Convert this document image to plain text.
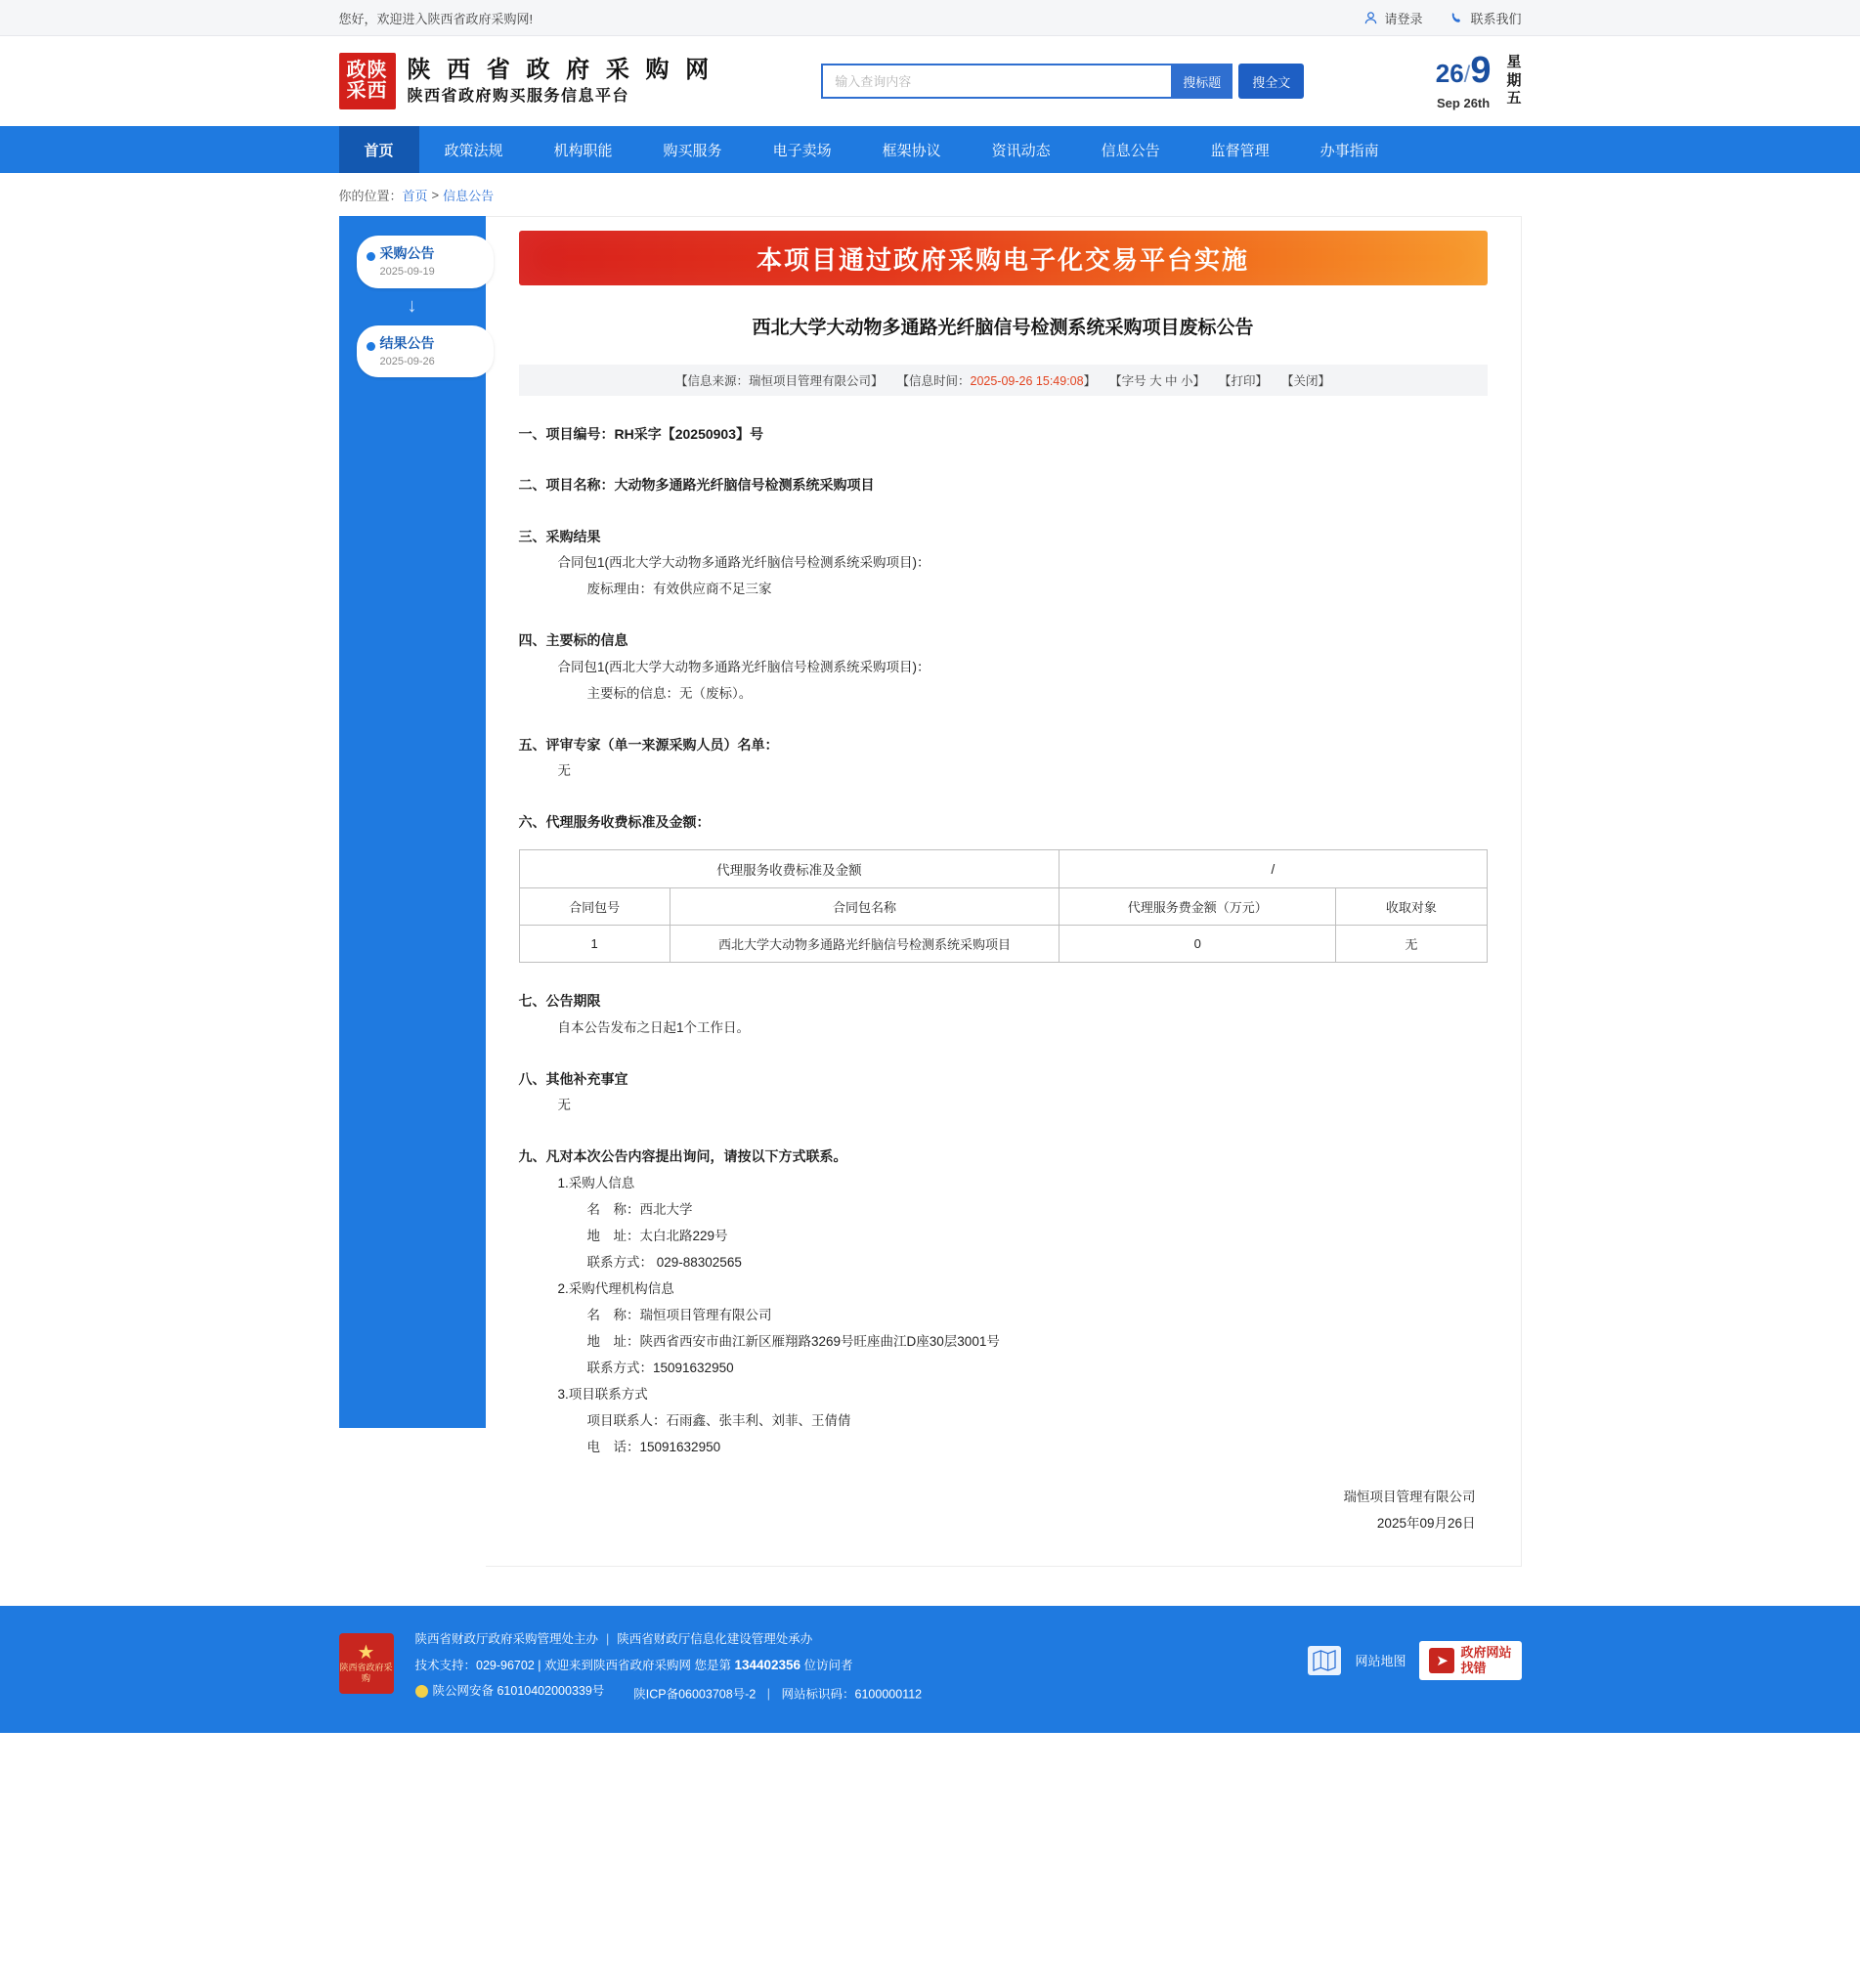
您好，欢迎进入陕西省政府采购网!	请登录	联系我们
政陕
采西
陕 西 省 政 府 采 购 网
陕西省政府购买服务信息平台
输入查询内容
搜标题	搜全文	26/9
Sep 26th
星
期
五
首页	政策法规	机构职能	购买服务	电子卖场	框架协议	资讯动态	信息公告	监督管理	办事指南
你的位置： 首页 > 信息公告
采购公告
2025-09-19
↓
结果公告
2025-09-26
本项目通过政府采购电子化交易平台实施
西北大学大动物多通路光纤脑信号检测系统采购项目废标公告
【信息来源：瑞恒项目管理有限公司】 【信息时间：2025-09-26 15:49:08】 【字号 大 中 小】 【打印】 【关闭】
一、项目编号：RH采字【20250903】号
二、项目名称：大动物多通路光纤脑信号检测系统采购项目
三、采购结果
合同包1(西北大学大动物多通路光纤脑信号检测系统采购项目)：
废标理由：有效供应商不足三家
四、主要标的信息
合同包1(西北大学大动物多通路光纤脑信号检测系统采购项目)：
主要标的信息：无（废标）。
五、评审专家（单一来源采购人员）名单：
无
六、代理服务收费标准及金额：
代理服务收费标准及金额		/	
合同包号	合同包名称	代理服务费金额（万元）	收取对象
1	西北大学大动物多通路光纤脑信号检测系统采购项目	0	无
七、公告期限
自本公告发布之日起1个工作日。
八、其他补充事宜
无
九、凡对本次公告内容提出询问，请按以下方式联系。
1.采购人信息
名　称：西北大学
地　址：太白北路229号
联系方式： 029-88302565
2.采购代理机构信息
名　称：瑞恒项目管理有限公司
地　址：陕西省西安市曲江新区雁翔路3269号旺座曲江D座30层3001号
联系方式：15091632950
3.项目联系方式
项目联系人：石雨鑫、张丰利、刘菲、王倩倩
电　话：15091632950
瑞恒项目管理有限公司
2025年09月26日
★
陕西省政府采购
陕西省财政厅政府采购管理处主办 | 陕西省财政厅信息化建设管理处承办
技术支持：029-96702 | 欢迎来到陕西省政府采购网 您是第 134402356 位访问者
陕公网安备 61010402000339号 陕ICP备06003708号-2 | 网站标识码：6100000112
网站地图	➤
政府网站
找错
